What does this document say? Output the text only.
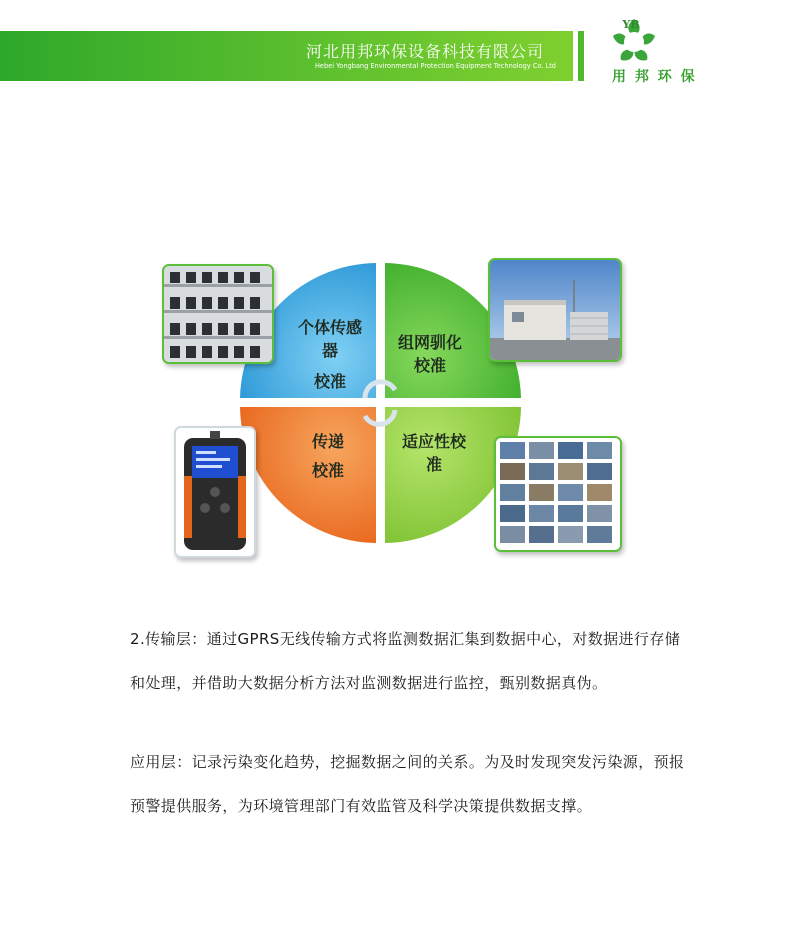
河北用邦环保设备科技有限公司
Hebei Yongbang Environmental Protection Equipment Technology Co. Ltd
YB
用 邦 环 保
个体传感
器
校准
组网驯化
校准
传递
校准
适应性校
准
2.传输层：通过GPRS无线传输方式将监测数据汇集到数据中心，对数据进行存储和处理，并借助大数据分析方法对监测数据进行监控，甄别数据真伪。
应用层：记录污染变化趋势，挖掘数据之间的关系。为及时发现突发污染源，预报预警提供服务，为环境管理部门有效监管及科学决策提供数据支撑。
